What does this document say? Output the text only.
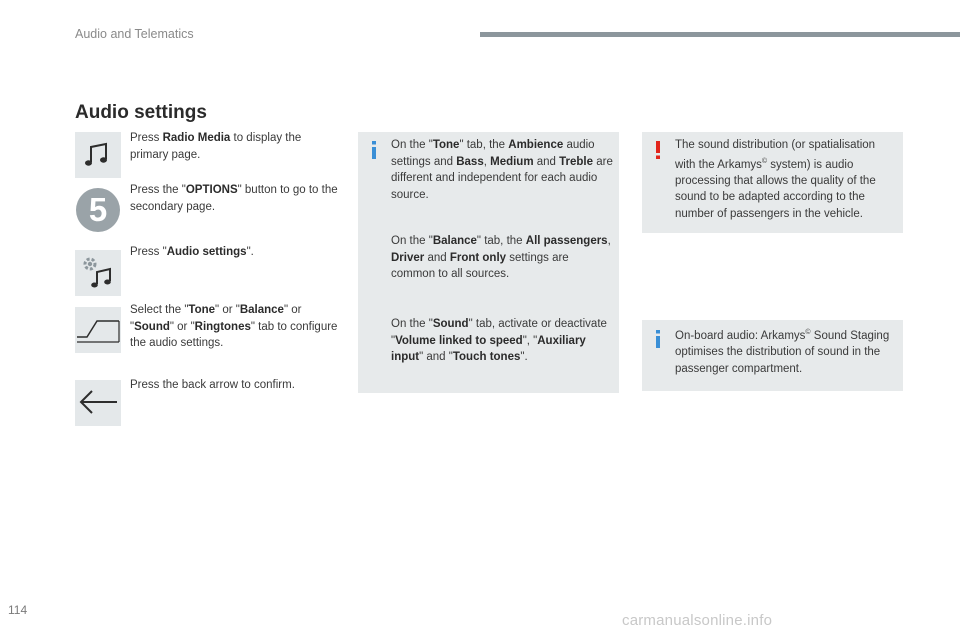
Audio and Telematics
Audio settings
Press Radio Media to display the primary page.
5
Press the "OPTIONS" button to go to the secondary page.
Press "Audio settings".
Select the "Tone" or "Balance" or "Sound" or "Ringtones" tab to configure the audio settings.
Press the back arrow to confirm.
On the "Tone" tab, the Ambience audio settings and Bass, Medium and Treble are different and independent for each audio source.
On the "Balance" tab, the All passengers, Driver and Front only settings are common to all sources.
On the "Sound" tab, activate or deactivate "Volume linked to speed", "Auxiliary input" and "Touch tones".
The sound distribution (or spatialisation with the Arkamys© system) is audio processing that allows the quality of the sound to be adapted according to the number of passengers in the vehicle.
On-board audio: Arkamys© Sound Staging optimises the distribution of sound in the passenger compartment.
114
carmanualsonline.info
